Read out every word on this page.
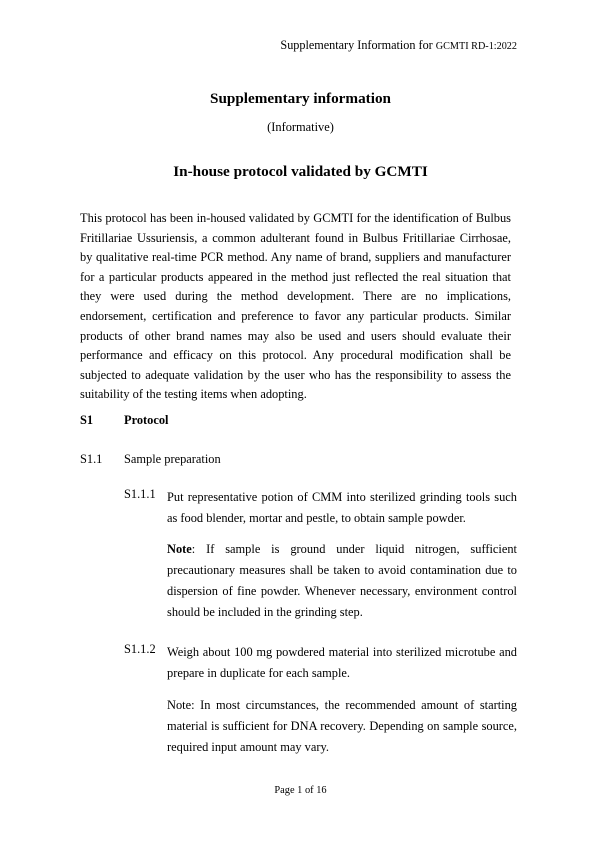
Supplementary Information for GCMTI RD-1:2022
Supplementary information
(Informative)
In-house protocol validated by GCMTI

This protocol has been in-housed validated by GCMTI for the identification of Bulbus Fritillariae Ussuriensis, a common adulterant found in Bulbus Fritillariae Cirrhosae, by qualitative real-time PCR method. Any name of brand, suppliers and manufacturer for a particular products appeared in the method just reflected the real situation that they were used during the method development. There are no implications, endorsement, certification and preference to favor any particular products. Similar products of other brand names may also be used and users should evaluate their performance and efficacy on this protocol. Any procedural modification shall be subjected to adequate validation by the user who has the responsibility to assess the suitability of the testing items when adopting.

S1 Protocol
S1.1 Sample preparation
S1.1.1 Put representative potion of CMM into sterilized grinding tools such as food blender, mortar and pestle, to obtain sample powder.

Note: If sample is ground under liquid nitrogen, sufficient precautionary measures shall be taken to avoid contamination due to dispersion of fine powder. Whenever necessary, environment control should be included in the grinding step.

S1.1.2 Weigh about 100 mg powdered material into sterilized microtube and prepare in duplicate for each sample.

Note: In most circumstances, the recommended amount of starting material is sufficient for DNA recovery. Depending on sample source, required input amount may vary.

Page 1 of 16
